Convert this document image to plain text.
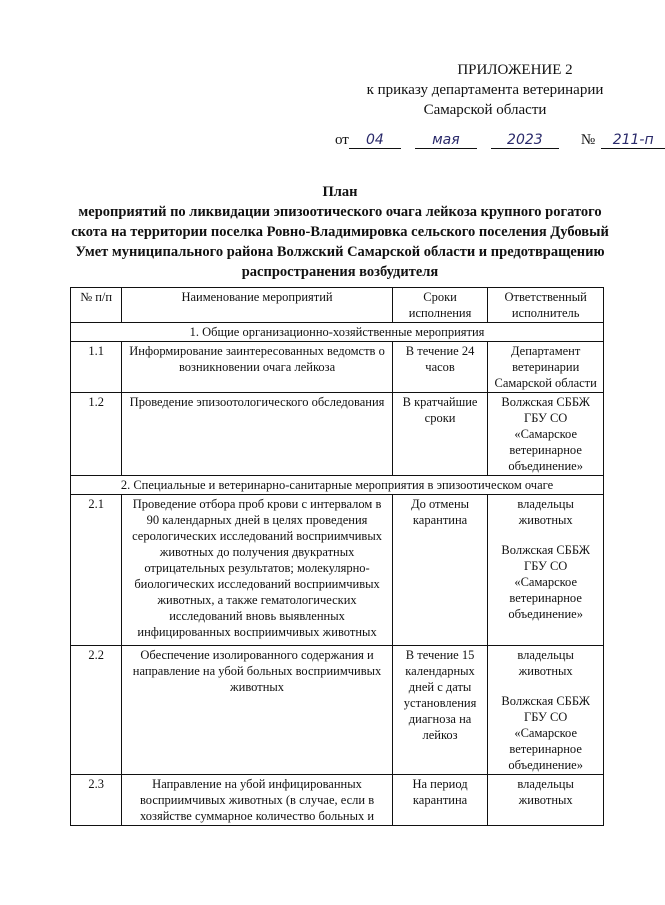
ПРИЛОЖЕНИЕ 2
к приказу департамента ветеринарии
Самарской области
от	04	мая	2023	№	211-п
План
мероприятий по ликвидации эпизоотического очага лейкоза крупного рогатого скота на территории поселка Ровно-Владимировка сельского поселения Дубовый Умет муниципального района Волжский Самарской области и предотвращению распространения возбудителя
№ п/п	Наименование мероприятий	Сроки исполнения	Ответственный исполнитель
1. Общие организационно-хозяйственные мероприятия			
1.1	Информирование заинтересованных ведомств о возникновении очага лейкоза	В течение 24 часов	Департамент ветеринарии Самарской области
1.2	Проведение эпизоотологического обследования	В кратчайшие сроки	Волжская СББЖ ГБУ СО «Самарское ветеринарное объединение»
2. Специальные и ветеринарно-санитарные мероприятия в эпизоотическом очаге			
2.1	Проведение отбора проб крови с интервалом в 90 календарных дней в целях проведения серологических исследований восприимчивых животных до получения двукратных отрицательных результатов; молекулярно-биологических исследований восприимчивых животных, а также гематологических исследований вновь выявленных инфицированных восприимчивых животных	До отмены карантина	владельцы животных
Волжская СББЖ ГБУ СО «Самарское ветеринарное объединение»
2.2	Обеспечение изолированного содержания и направление на убой больных восприимчивых животных	В течение 15 календарных дней с даты установления диагноза на лейкоз	владельцы животных
Волжская СББЖ ГБУ СО «Самарское ветеринарное объединение»
2.3	Направление на убой инфицированных восприимчивых животных (в случае, если в хозяйстве суммарное количество больных и	На период карантина	владельцы животных
